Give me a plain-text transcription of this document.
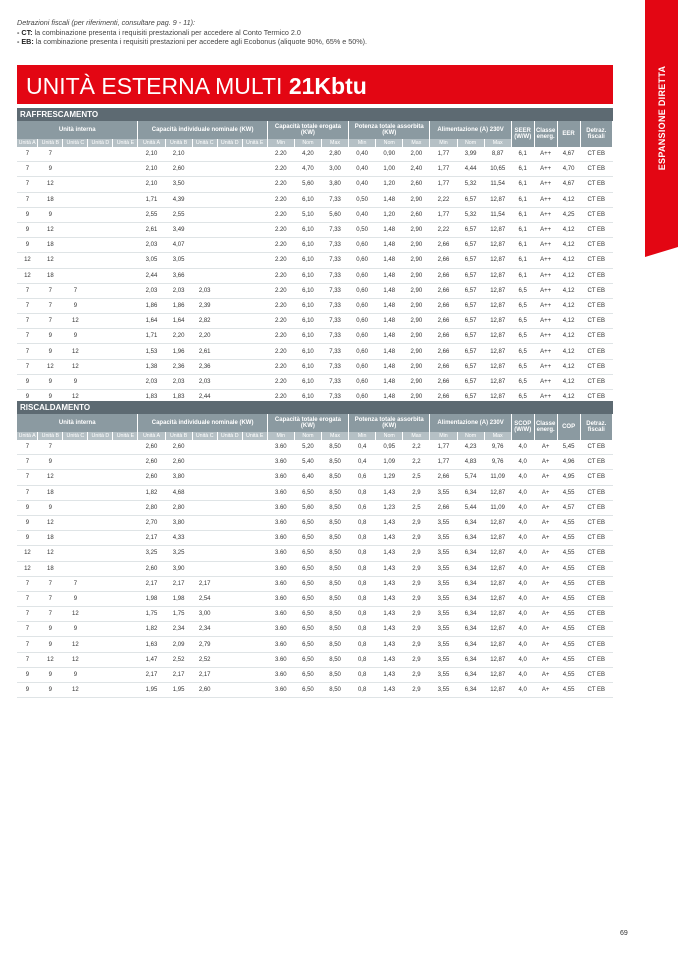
Detrazioni fiscali (per riferimenti, consultare pag. 9 - 11):
- CT: la combinazione presenta i requisiti prestazionali per accedere al Conto Termico 2.0
- EB: la combinazione presenta i requisiti prestazioni per accedere agli Ecobonus (aliquote 90%, 65% e 50%).
ESPANSIONE DIRETTA
UNITÀ ESTERNA MULTI 21Kbtu
RAFFRESCAMENTO
Unità interna					Capacità individuale nominale (KW)					Capacità totale erogata (KW)			Potenza totale assorbita (KW)			Alimentazione (A) 230V			SEER (W/W)	Classe energ.	EER	Detraz. fiscali
Unità A	Unità B	Unità C	Unità D	Unità E	Unità A	Unità B	Unità C	Unità D	Unità E	Min	Nom	Max	Min	Nom	Max	Min	Nom	Max				
7	7				2,10	2,10				2.20	4,20	2,80	0,40	0,90	2,00	1,77	3,99	8,87	6,1	A++	4,67	CT EB
7	9				2,10	2,60				2.20	4,70	3,00	0,40	1,00	2,40	1,77	4,44	10,65	6,1	A++	4,70	CT EB
7	12				2,10	3,50				2.20	5,60	3,80	0,40	1,20	2,60	1,77	5,32	11,54	6,1	A++	4,67	CT EB
7	18				1,71	4,39				2.20	6,10	7,33	0,50	1,48	2,90	2,22	6,57	12,87	6,1	A++	4,12	CT EB
9	9				2,55	2,55				2.20	5,10	5,60	0,40	1,20	2,60	1,77	5,32	11,54	6,1	A++	4,25	CT EB
9	12				2,61	3,49				2.20	6,10	7,33	0,50	1,48	2,90	2,22	6,57	12,87	6,1	A++	4,12	CT EB
9	18				2,03	4,07				2.20	6,10	7,33	0,60	1,48	2,90	2,66	6,57	12,87	6,1	A++	4,12	CT EB
12	12				3,05	3,05				2.20	6,10	7,33	0,60	1,48	2,90	2,66	6,57	12,87	6,1	A++	4,12	CT EB
12	18				2,44	3,66				2.20	6,10	7,33	0,60	1,48	2,90	2,66	6,57	12,87	6,1	A++	4,12	CT EB
7	7	7			2,03	2,03	2,03			2.20	6,10	7,33	0,60	1,48	2,90	2,66	6,57	12,87	6,5	A++	4,12	CT EB
7	7	9			1,86	1,86	2,39			2.20	6,10	7,33	0,60	1,48	2,90	2,66	6,57	12,87	6,5	A++	4,12	CT EB
7	7	12			1,64	1,64	2,82			2.20	6,10	7,33	0,60	1,48	2,90	2,66	6,57	12,87	6,5	A++	4,12	CT EB
7	9	9			1,71	2,20	2,20			2.20	6,10	7,33	0,60	1,48	2,90	2,66	6,57	12,87	6,5	A++	4,12	CT EB
7	9	12			1,53	1,96	2,61			2.20	6,10	7,33	0,60	1,48	2,90	2,66	6,57	12,87	6,5	A++	4,12	CT EB
7	12	12			1,38	2,36	2,36			2.20	6,10	7,33	0,60	1,48	2,90	2,66	6,57	12,87	6,5	A++	4,12	CT EB
9	9	9			2,03	2,03	2,03			2.20	6,10	7,33	0,60	1,48	2,90	2,66	6,57	12,87	6,5	A++	4,12	CT EB
9	9	12			1,83	1,83	2,44			2.20	6,10	7,33	0,60	1,48	2,90	2,66	6,57	12,87	6,5	A++	4,12	CT EB
RISCALDAMENTO
Unità interna					Capacità individuale nominale (KW)					Capacità totale erogata (KW)			Potenza totale assorbita (KW)			Alimentazione (A) 230V			SCOP (W/W)	Classe energ.	COP	Detraz. fiscali
Unità A	Unità B	Unità C	Unità D	Unità E	Unità A	Unità B	Unità C	Unità D	Unità E	Min	Nom	Max	Min	Nom	Max	Min	Nom	Max				
7	7				2,60	2,60				3.60	5,20	8,50	0,4	0,95	2,2	1,77	4,23	9,76	4,0	A+	5,45	CT EB
7	9				2,60	2,60				3.60	5,40	8,50	0,4	1,09	2,2	1,77	4,83	9,76	4,0	A+	4,96	CT EB
7	12				2,60	3,80				3.60	6,40	8,50	0,6	1,29	2,5	2,66	5,74	11,09	4,0	A+	4,95	CT EB
7	18				1,82	4,68				3.60	6,50	8,50	0,8	1,43	2,9	3,55	6,34	12,87	4,0	A+	4,55	CT EB
9	9				2,80	2,80				3.60	5,60	8,50	0,6	1,23	2,5	2,66	5,44	11,09	4,0	A+	4,57	CT EB
9	12				2,70	3,80				3.60	6,50	8,50	0,8	1,43	2,9	3,55	6,34	12,87	4,0	A+	4,55	CT EB
9	18				2,17	4,33				3.60	6,50	8,50	0,8	1,43	2,9	3,55	6,34	12,87	4,0	A+	4,55	CT EB
12	12				3,25	3,25				3.60	6,50	8,50	0,8	1,43	2,9	3,55	6,34	12,87	4,0	A+	4,55	CT EB
12	18				2,60	3,90				3.60	6,50	8,50	0,8	1,43	2,9	3,55	6,34	12,87	4,0	A+	4,55	CT EB
7	7	7			2,17	2,17	2,17			3.60	6,50	8,50	0,8	1,43	2,9	3,55	6,34	12,87	4,0	A+	4,55	CT EB
7	7	9			1,98	1,98	2,54			3.60	6,50	8,50	0,8	1,43	2,9	3,55	6,34	12,87	4,0	A+	4,55	CT EB
7	7	12			1,75	1,75	3,00			3.60	6,50	8,50	0,8	1,43	2,9	3,55	6,34	12,87	4,0	A+	4,55	CT EB
7	9	9			1,82	2,34	2,34			3.60	6,50	8,50	0,8	1,43	2,9	3,55	6,34	12,87	4,0	A+	4,55	CT EB
7	9	12			1,63	2,09	2,79			3.60	6,50	8,50	0,8	1,43	2,9	3,55	6,34	12,87	4,0	A+	4,55	CT EB
7	12	12			1,47	2,52	2,52			3.60	6,50	8,50	0,8	1,43	2,9	3,55	6,34	12,87	4,0	A+	4,55	CT EB
9	9	9			2,17	2,17	2,17			3.60	6,50	8,50	0,8	1,43	2,9	3,55	6,34	12,87	4,0	A+	4,55	CT EB
9	9	12			1,95	1,95	2,60			3.60	6,50	8,50	0,8	1,43	2,9	3,55	6,34	12,87	4,0	A+	4,55	CT EB
69
